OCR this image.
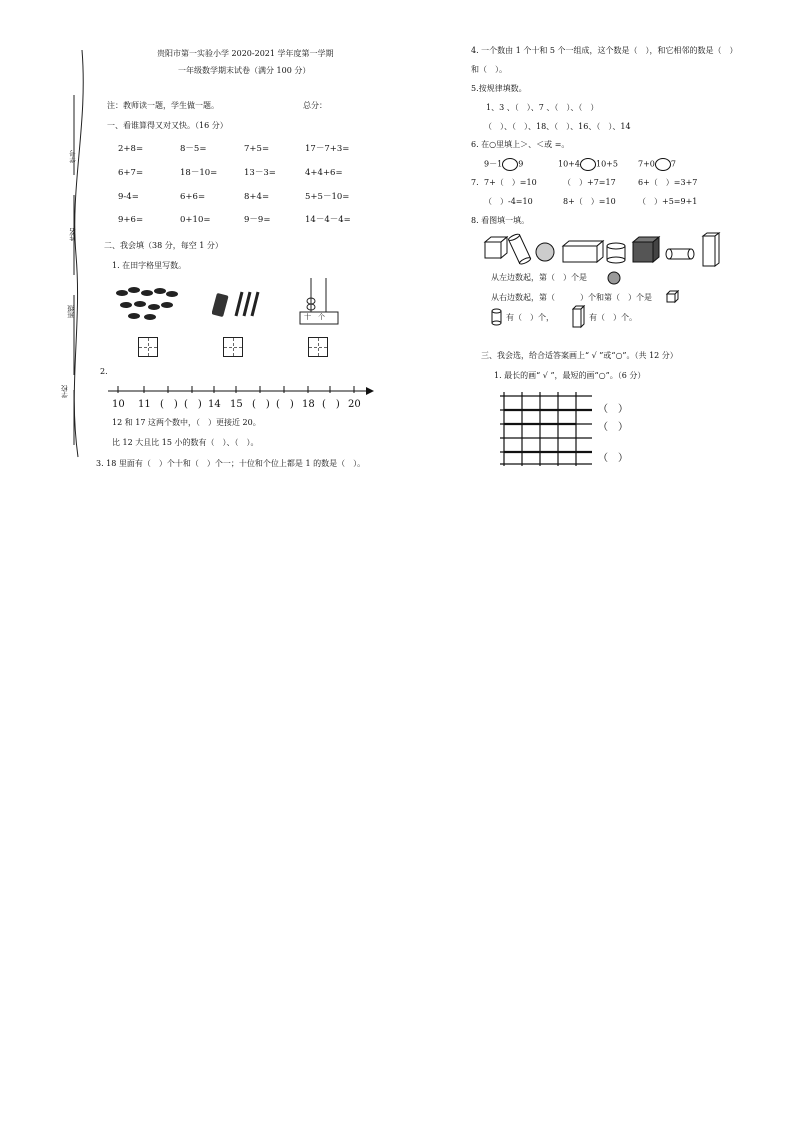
学号
姓名
班级
学校
贵阳市第一实验小学 2020-2021 学年度第一学期
一年级数学期末试卷（满分 100 分）
注：教师读一题，学生做一题。	总分：
一、看谁算得又对又快。（16 分）
2+8=	8－5=	7+5=	17－7+3=
6+7=	18－10=	13－3=	4+4+6=
9-4=	6+6=	8+4=	5+5－10=
9+6=	0+10=	9－9=	14－4－4=
二、我会填（38 分，每空 1 分）
1. 在田字格里写数。
十　个
2.
10 11 (　) (　) 14 15 (　) (　) 18 (　) 20
12 和 17 这两个数中，（　）更接近 20。
比 12 大且比 15 小的数有（　）、（　）。
3. 18 里面有（　）个十和（　）个一；十位和个位上都是 1 的数是（　）。
4. 一个数由 1 个十和 5 个一组成，这个数是（　），和它相邻的数是（　）
和（　）。
5.按规律填数。
1、3 、（　）、7 、（　）、（　）
（　）、（　）、18、（　）、16、（　）、14
6. 在○里填上＞、＜或 =。
9－1 9	10+4 10+5	7+0 7
7. 7+（　）=10	（　）+7=17	6+（　）=3+7
（　）-4=10	8+（　）=10	（　）+5=9+1
8. 看图填一填。
从左边数起，第（　）个是
从右边数起，第（	）个和第（　）个是
有（　）个，	有（　）个。
三、我会选，给合适答案画上“ √ ”或“○”。（共 12 分）
1. 最长的画“ √ ”，最短的画“○”。（6 分）
（　）
（　）
（　）
